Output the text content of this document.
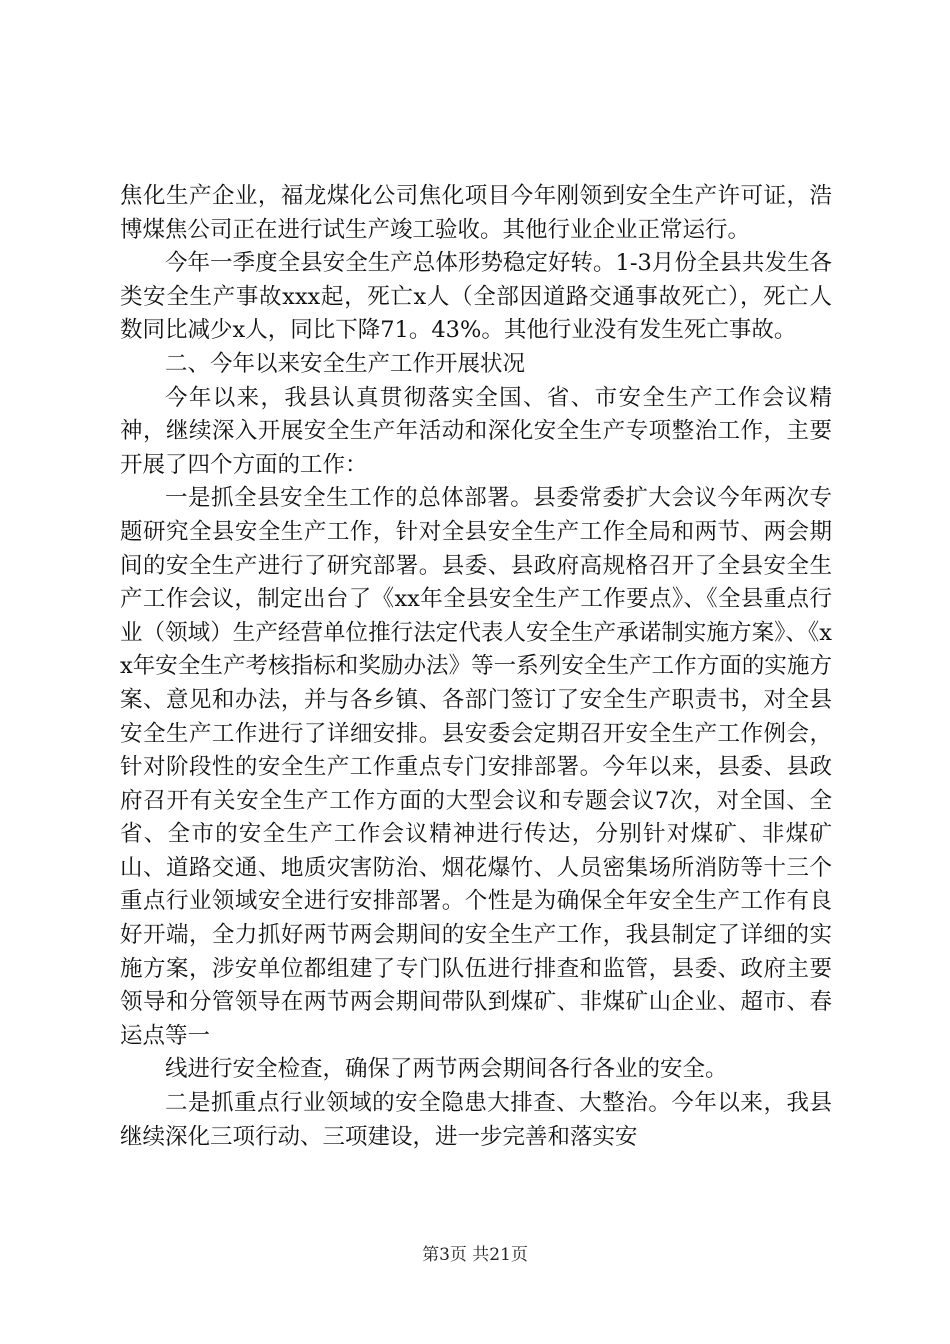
焦化生产企业，福龙煤化公司焦化项目今年刚领到安全生产许可证，浩博煤焦公司正在进行试生产竣工验收。其他行业企业正常运行。

今年一季度全县安全生产总体形势稳定好转。1-3月份全县共发生各类安全生产事故xxx起，死亡x人（全部因道路交通事故死亡），死亡人数同比减少x人，同比下降71。43%。其他行业没有发生死亡事故。

二、今年以来安全生产工作开展状况

今年以来，我县认真贯彻落实全国、省、市安全生产工作会议精神，继续深入开展安全生产年活动和深化安全生产专项整治工作，主要开展了四个方面的工作：

一是抓全县安全生工作的总体部署。县委常委扩大会议今年两次专题研究全县安全生产工作，针对全县安全生产工作全局和两节、两会期间的安全生产进行了研究部署。县委、县政府高规格召开了全县安全生产工作会议，制定出台了《xx年全县安全生产工作要点》、《全县重点行业（领域）生产经营单位推行法定代表人安全生产承诺制实施方案》、《xx年安全生产考核指标和奖励办法》等一系列安全生产工作方面的实施方案、意见和办法，并与各乡镇、各部门签订了安全生产职责书，对全县安全生产工作进行了详细安排。县安委会定期召开安全生产工作例会，针对阶段性的安全生产工作重点专门安排部署。今年以来，县委、县政府召开有关安全生产工作方面的大型会议和专题会议7次，对全国、全省、全市的安全生产工作会议精神进行传达，分别针对煤矿、非煤矿山、道路交通、地质灾害防治、烟花爆竹、人员密集场所消防等十三个重点行业领域安全进行安排部署。个性是为确保全年安全生产工作有良好开端，全力抓好两节两会期间的安全生产工作，我县制定了详细的实施方案，涉安单位都组建了专门队伍进行排查和监管，县委、政府主要领导和分管领导在两节两会期间带队到煤矿、非煤矿山企业、超市、春运点等一

线进行安全检查，确保了两节两会期间各行各业的安全。

二是抓重点行业领域的安全隐患大排查、大整治。今年以来，我县继续深化三项行动、三项建设，进一步完善和落实安

第3页 共21页
